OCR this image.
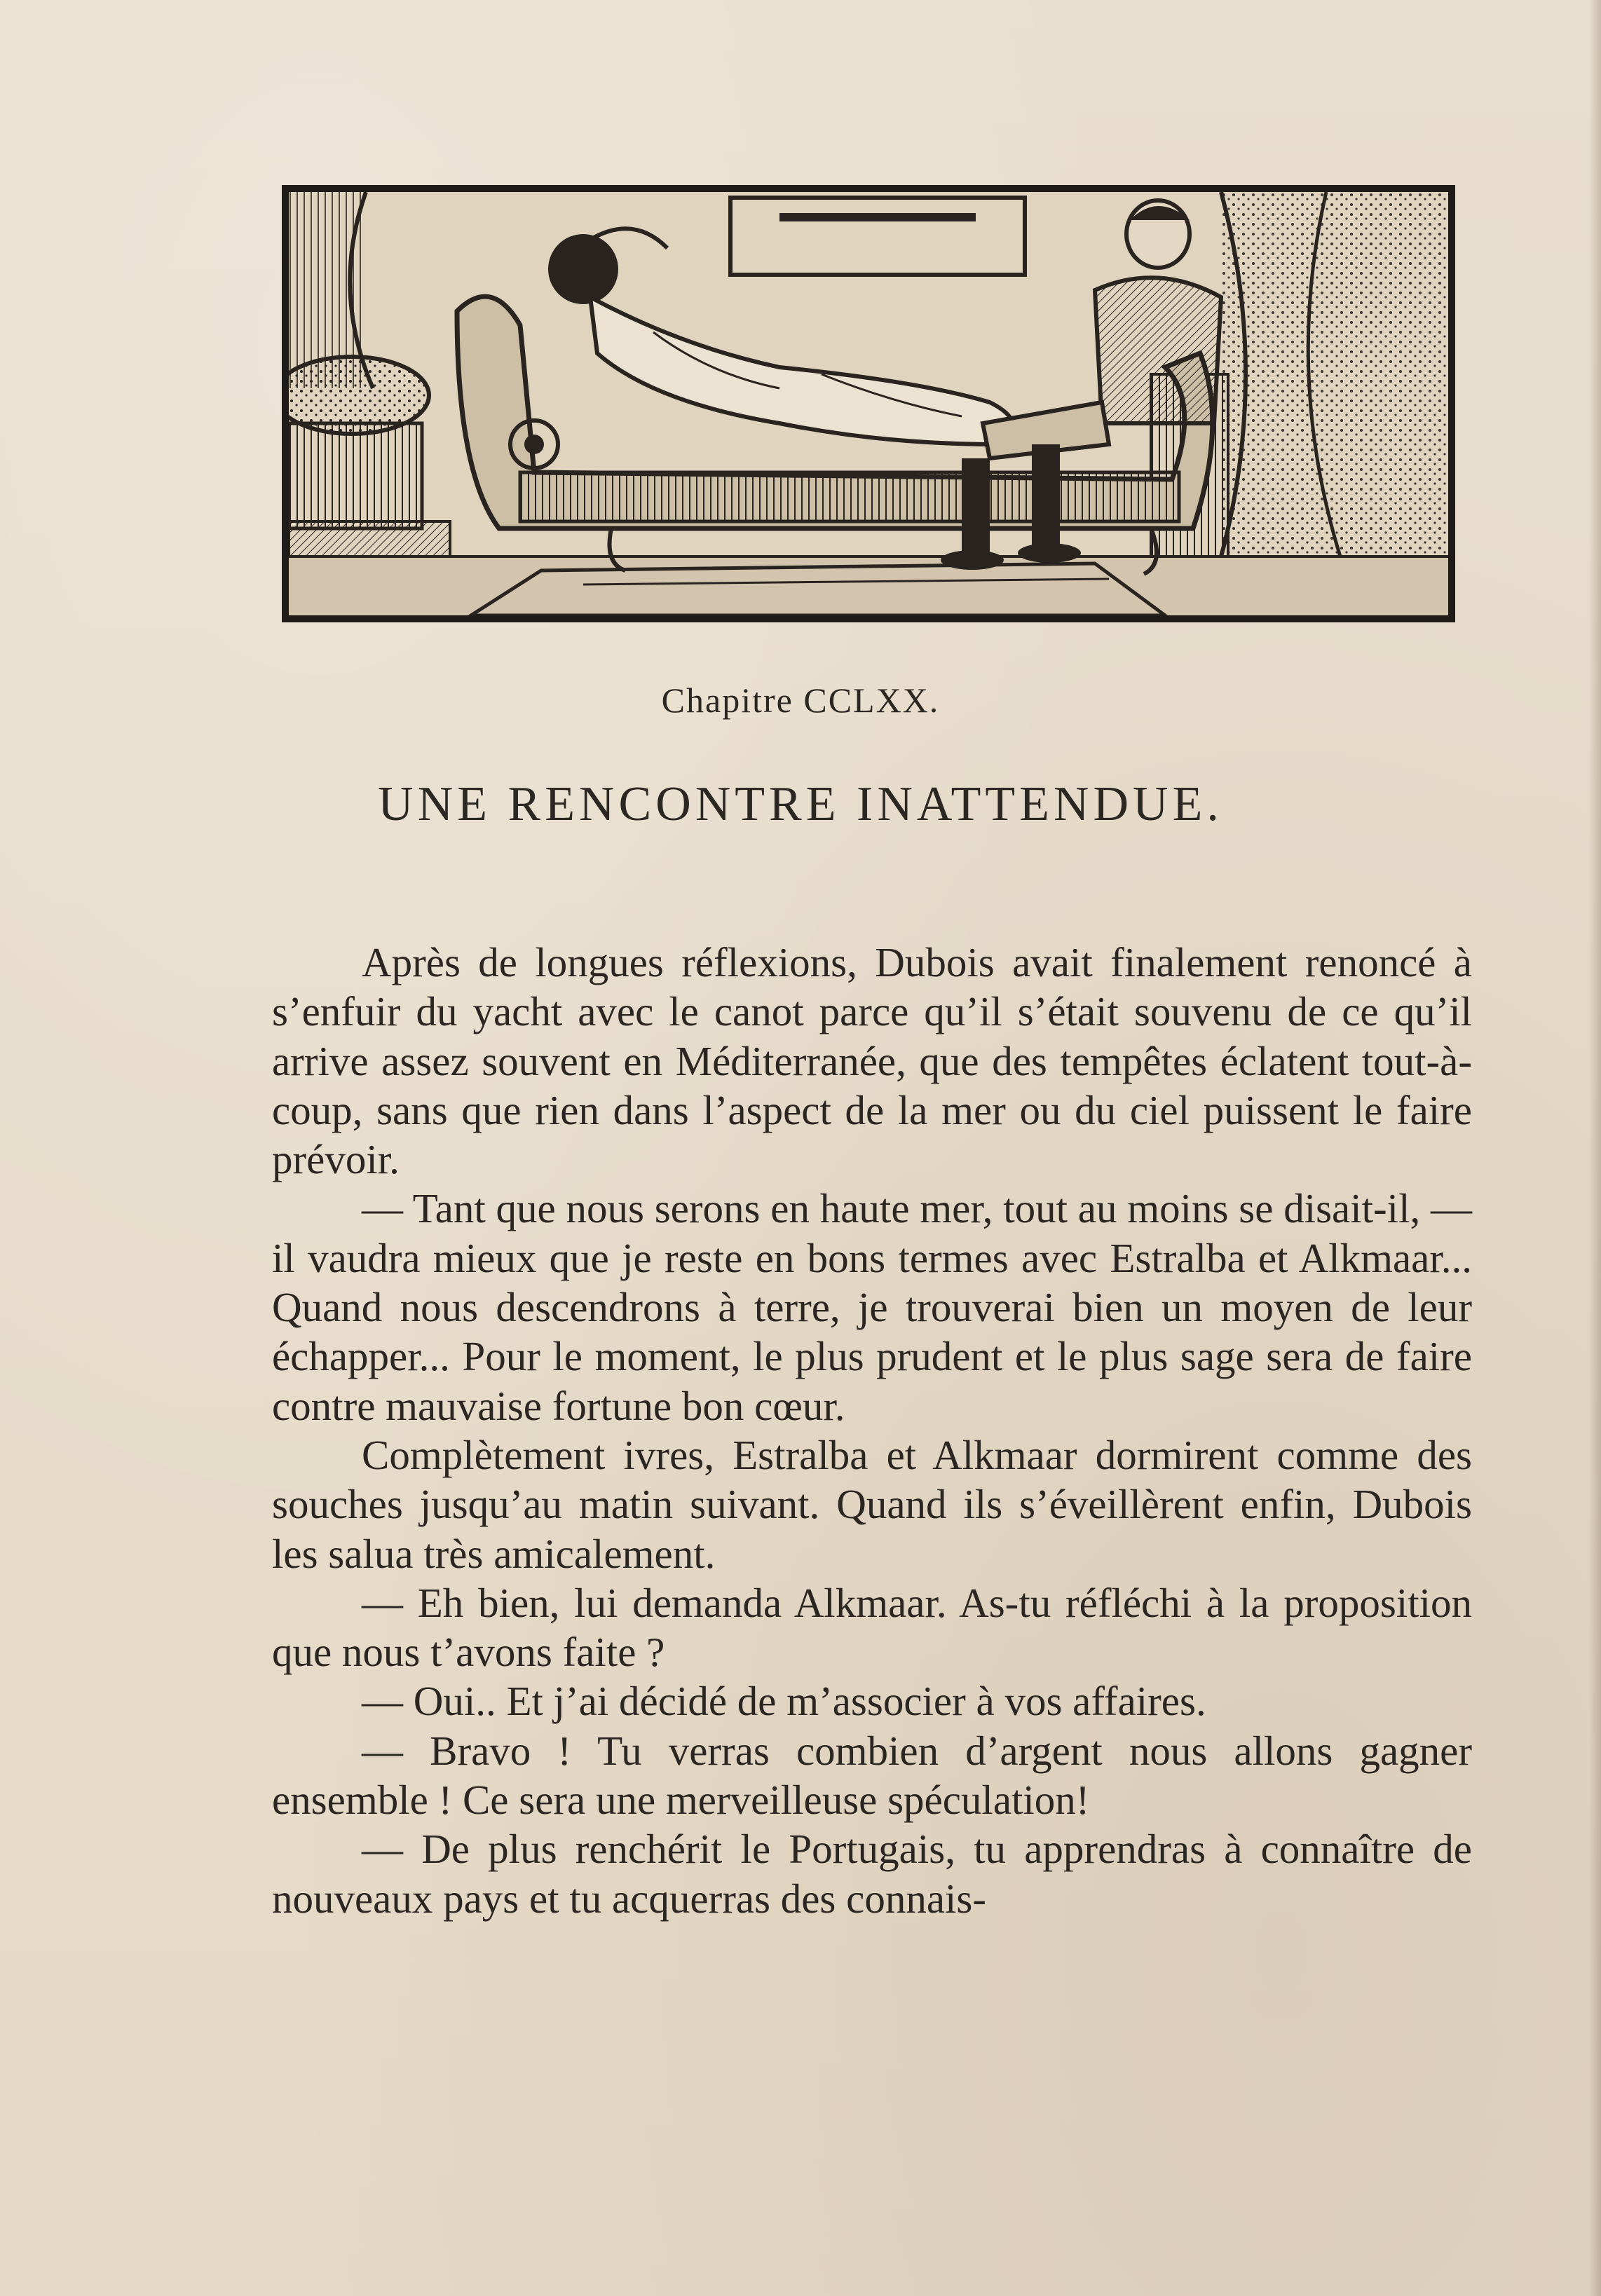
Chapitre CCLXX.
UNE RENCONTRE INATTENDUE.

Après de longues réflexions, Dubois avait finalement renoncé à s’enfuir du yacht avec le canot parce qu’il s’était souvenu de ce qu’il arrive assez souvent en Méditerranée, que des tempêtes éclatent tout-à-coup, sans que rien dans l’aspect de la mer ou du ciel puissent le faire prévoir.

— Tant que nous serons en haute mer, tout au moins se disait-il, — il vaudra mieux que je reste en bons termes avec Estralba et Alkmaar... Quand nous descendrons à terre, je trouverai bien un moyen de leur échapper... Pour le moment, le plus prudent et le plus sage sera de faire contre mauvaise fortune bon cœur.

Complètement ivres, Estralba et Alkmaar dormirent comme des souches jusqu’au matin suivant. Quand ils s’éveillèrent enfin, Dubois les salua très amicalement.

— Eh bien, lui demanda Alkmaar. As-tu réfléchi à la proposition que nous t’avons faite ?

— Oui.. Et j’ai décidé de m’associer à vos affaires.

— Bravo ! Tu verras combien d’argent nous allons gagner ensemble ! Ce sera une merveilleuse spéculation!

— De plus renchérit le Portugais, tu apprendras à connaître de nouveaux pays et tu acquerras des connais-
